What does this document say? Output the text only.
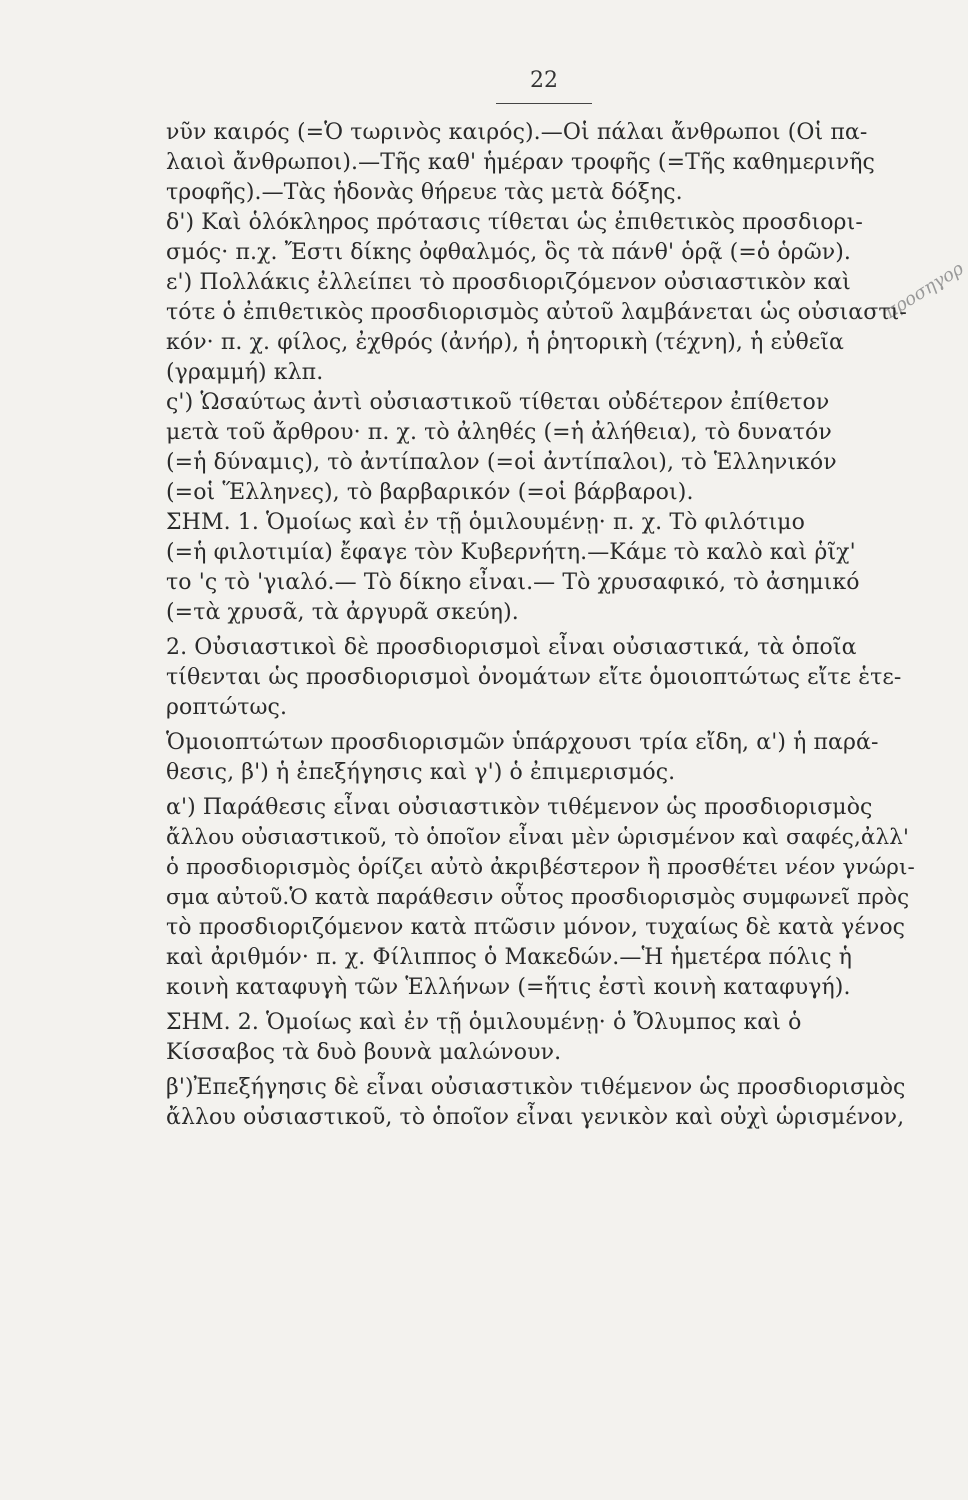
22
προσηγορ

νῦν καιρός (=Ὁ τωρινὸς καιρός).—Οἱ πάλαι ἄνθρωποι (Οἱ πα-

λαιοὶ ἄνθρωποι).—Τῆς καθ' ἡμέραν τροφῆς (=Τῆς καθημερινῆς

τροφῆς).—Τὰς ἡδονὰς θήρευε τὰς μετὰ δόξης.

δ') Καὶ ὁλόκληρος πρότασις τίθεται ὡς ἐπιθετικὸς προσδιορι-

σμός· π.χ. Ἔστι δίκης ὀφθαλμός, ὃς τὰ πάνθ' ὁρᾷ (=ὁ ὁρῶν).

ε') Πολλάκις ἐλλείπει τὸ προσδιοριζόμενον οὐσιαστικὸν καὶ

τότε ὁ ἐπιθετικὸς προσδιορισμὸς αὐτοῦ λαμβάνεται ὡς οὐσιαστι-

κόν· π. χ. φίλος, ἐχθρός (ἀνήρ), ἡ ῥητορικὴ (τέχνη), ἡ εὐθεῖα

(γραμμή) κλπ.

ς') Ὡσαύτως ἀντὶ οὐσιαστικοῦ τίθεται οὐδέτερον ἐπίθετον

μετὰ τοῦ ἄρθρου· π. χ. τὸ ἀληθές (=ἡ ἀλήθεια), τὸ δυνατόν

(=ἡ δύναμις), τὸ ἀντίπαλον (=οἱ ἀντίπαλοι), τὸ Ἑλληνικόν

(=οἱ Ἕλληνες), τὸ βαρβαρικόν (=οἱ βάρβαροι).

ΣΗΜ. 1. Ὁμοίως καὶ ἐν τῇ ὁμιλουμένῃ· π. χ. Τὸ φιλότιμο

(=ἡ φιλοτιμία) ἔφαγε τὸν Κυβερνήτη.—Κάμε τὸ καλὸ καὶ ῥῖχ'

το 'ς τὸ 'γιαλό.— Τὸ δίκηο εἶναι.— Τὸ χρυσαφικό, τὸ ἀσημικό

(=τὰ χρυσᾶ, τὰ ἀργυρᾶ σκεύη).

2. Οὐσιαστικοὶ δὲ προσδιορισμοὶ εἶναι οὐσιαστικά, τὰ ὁποῖα

τίθενται ὡς προσδιορισμοὶ ὀνομάτων εἴτε ὁμοιοπτώτως εἴτε ἑτε-

ροπτώτως.

Ὁμοιοπτώτων προσδιορισμῶν ὑπάρχουσι τρία εἴδη, α') ἡ παρά-

θεσις, β') ἡ ἐπεξήγησις καὶ γ') ὁ ἐπιμερισμός.

α') Παράθεσις εἶναι οὐσιαστικὸν τιθέμενον ὡς προσδιορισμὸς

ἄλλου οὐσιαστικοῦ, τὸ ὁποῖον εἶναι μὲν ὡρισμένον καὶ σαφές,ἀλλ'

ὁ προσδιορισμὸς ὁρίζει αὐτὸ ἀκριβέστερον ἢ προσθέτει νέον γνώρι-

σμα αὐτοῦ.Ὁ κατὰ παράθεσιν οὗτος προσδιορισμὸς συμφωνεῖ πρὸς

τὸ προσδιοριζόμενον κατὰ πτῶσιν μόνον, τυχαίως δὲ κατὰ γένος

καὶ ἀριθμόν· π. χ. Φίλιππος ὁ Μακεδών.—Ἡ ἡμετέρα πόλις ἡ

κοινὴ καταφυγὴ τῶν Ἑλλήνων (=ἥτις ἐστὶ κοινὴ καταφυγή).

ΣΗΜ. 2. Ὁμοίως καὶ ἐν τῇ ὁμιλουμένῃ· ὁ Ὄλυμπος καὶ ὁ

Κίσσαβος τὰ δυὸ βουνὰ μαλώνουν.

β')Ἐπεξήγησις δὲ εἶναι οὐσιαστικὸν τιθέμενον ὡς προσδιορισμὸς

ἄλλου οὐσιαστικοῦ, τὸ ὁποῖον εἶναι γενικὸν καὶ οὐχὶ ὡρισμένον,
